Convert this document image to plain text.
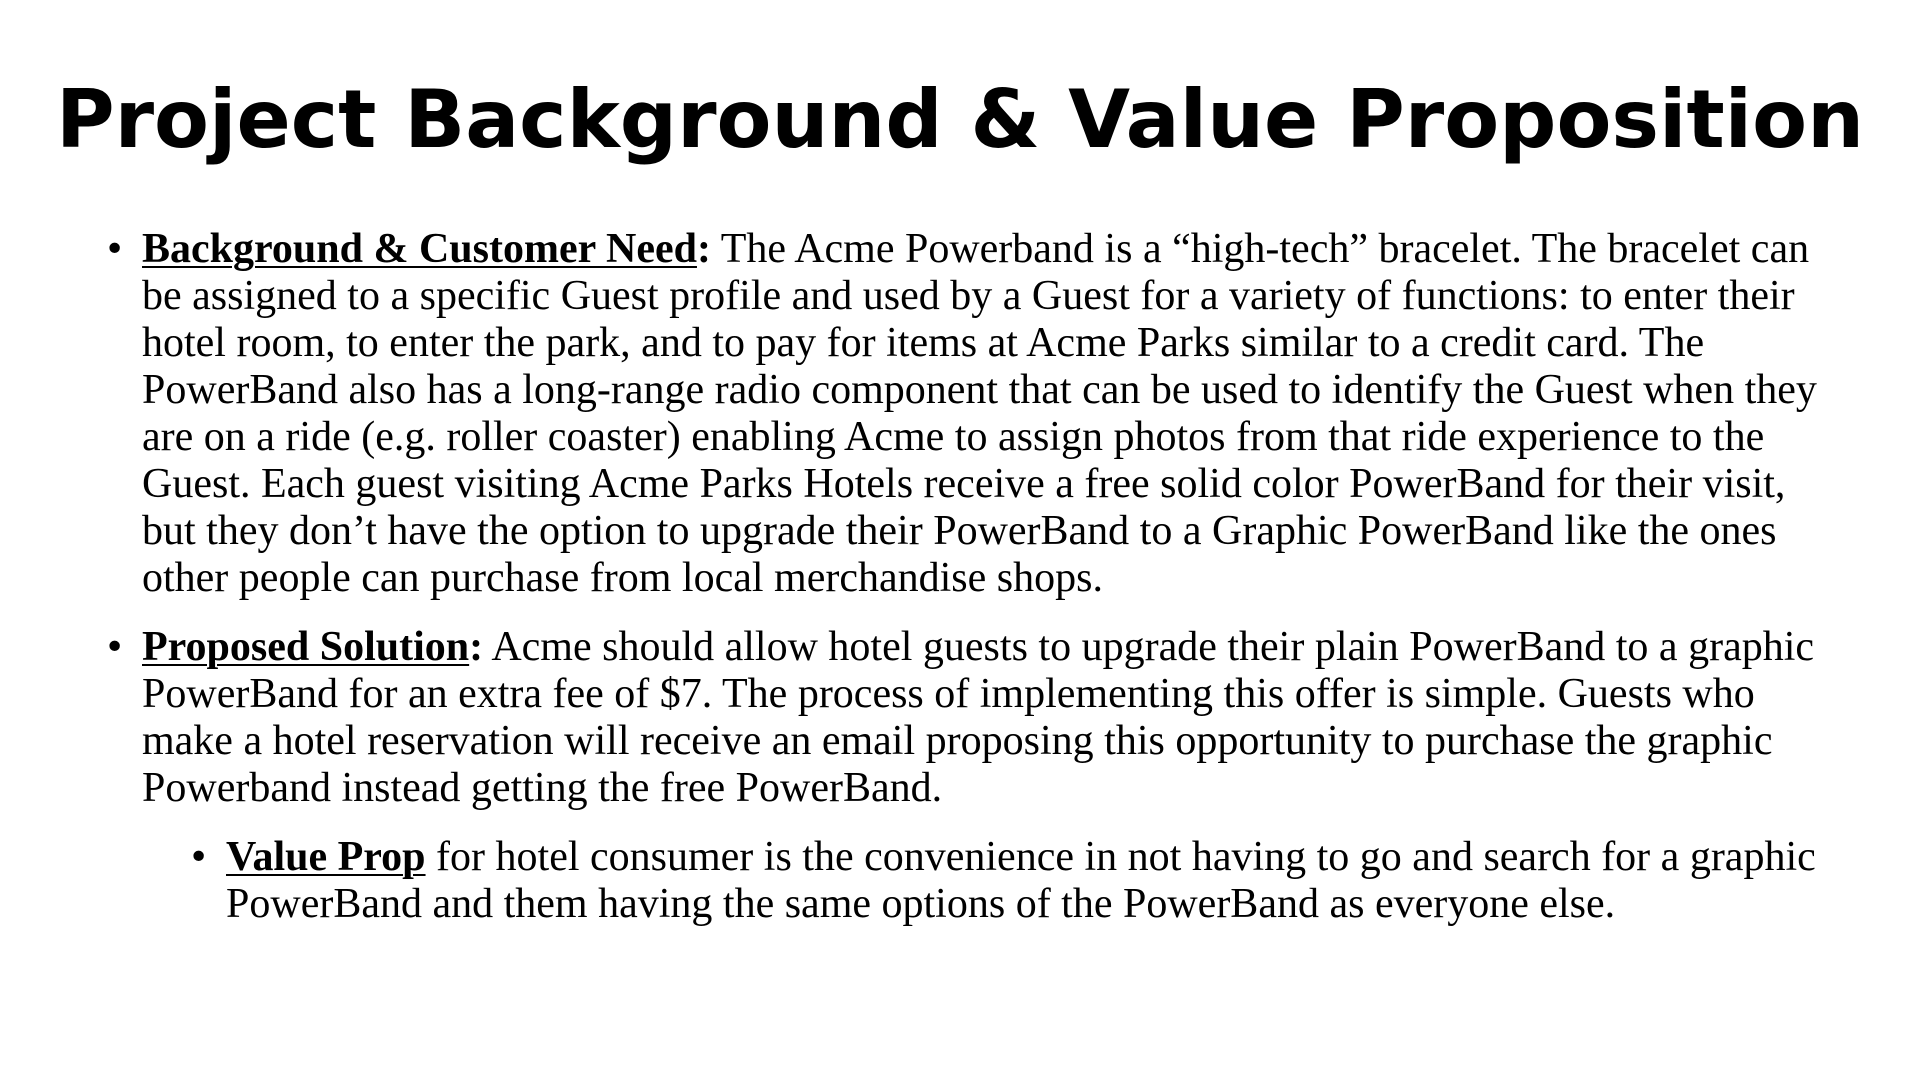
Project Background & Value Proposition
• Background & Customer Need: The Acme Powerband is a “high-tech” bracelet. The bracelet can be assigned to a specific Guest profile and used by a Guest for a variety of functions: to enter their hotel room, to enter the park, and to pay for items at Acme Parks similar to a credit card. The PowerBand also has a long-range radio component that can be used to identify the Guest when they are on a ride (e.g. roller coaster) enabling Acme to assign photos from that ride experience to the Guest. Each guest visiting Acme Parks Hotels receive a free solid color PowerBand for their visit, but they don’t have the option to upgrade their PowerBand to a Graphic PowerBand like the ones other people can purchase from local merchandise shops.
• Proposed Solution: Acme should allow hotel guests to upgrade their plain PowerBand to a graphic PowerBand for an extra fee of $7. The process of implementing this offer is simple. Guests who make a hotel reservation will receive an email proposing this opportunity to purchase the graphic Powerband instead getting the free PowerBand.
• Value Prop for hotel consumer is the convenience in not having to go and search for a graphic PowerBand and them having the same options of the PowerBand as everyone else.
